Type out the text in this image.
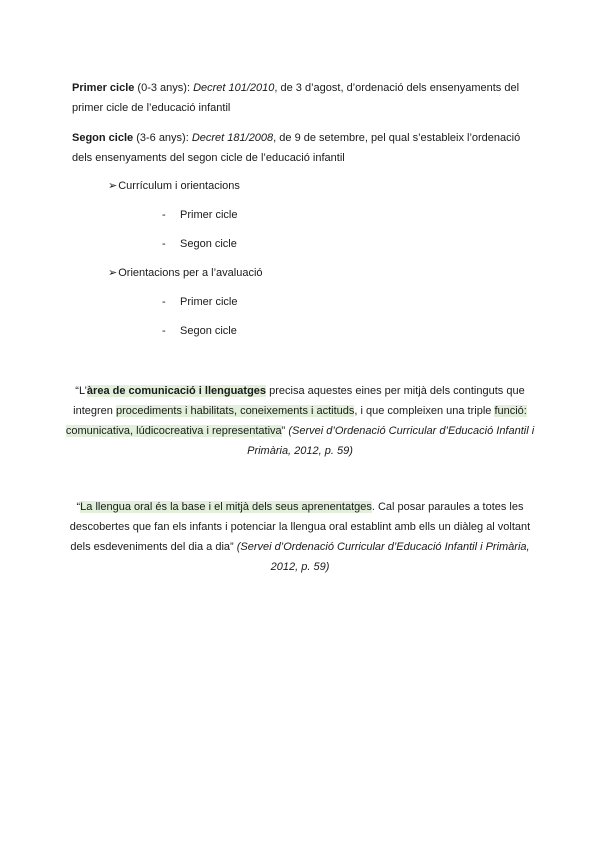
Primer cicle (0-3 anys): Decret 101/2010, de 3 d’agost, d’ordenació dels ensenyaments del primer cicle de l’educació infantil

Segon cicle (3-6 anys): Decret 181/2008, de 9 de setembre, pel qual s’estableix l’ordenació dels ensenyaments del segon cicle de l’educació infantil

➢Currículum i orientacions

- Primer cicle

- Segon cicle

➢Orientacions per a l’avaluació

- Primer cicle

- Segon cicle

“L’àrea de comunicació i llenguatges precisa aquestes eines per mitjà dels continguts que integren procediments i habilitats, coneixements i actituds, i que compleixen una triple funció: comunicativa, lúdicocreativa i representativa” (Servei d’Ordenació Curricular d’Educació Infantil i Primària, 2012, p. 59)

“La llengua oral és la base i el mitjà dels seus aprenentatges. Cal posar paraules a totes les descobertes que fan els infants i potenciar la llengua oral establint amb ells un diàleg al voltant dels esdeveniments del dia a dia” (Servei d’Ordenació Curricular d’Educació Infantil i Primària, 2012, p. 59)
